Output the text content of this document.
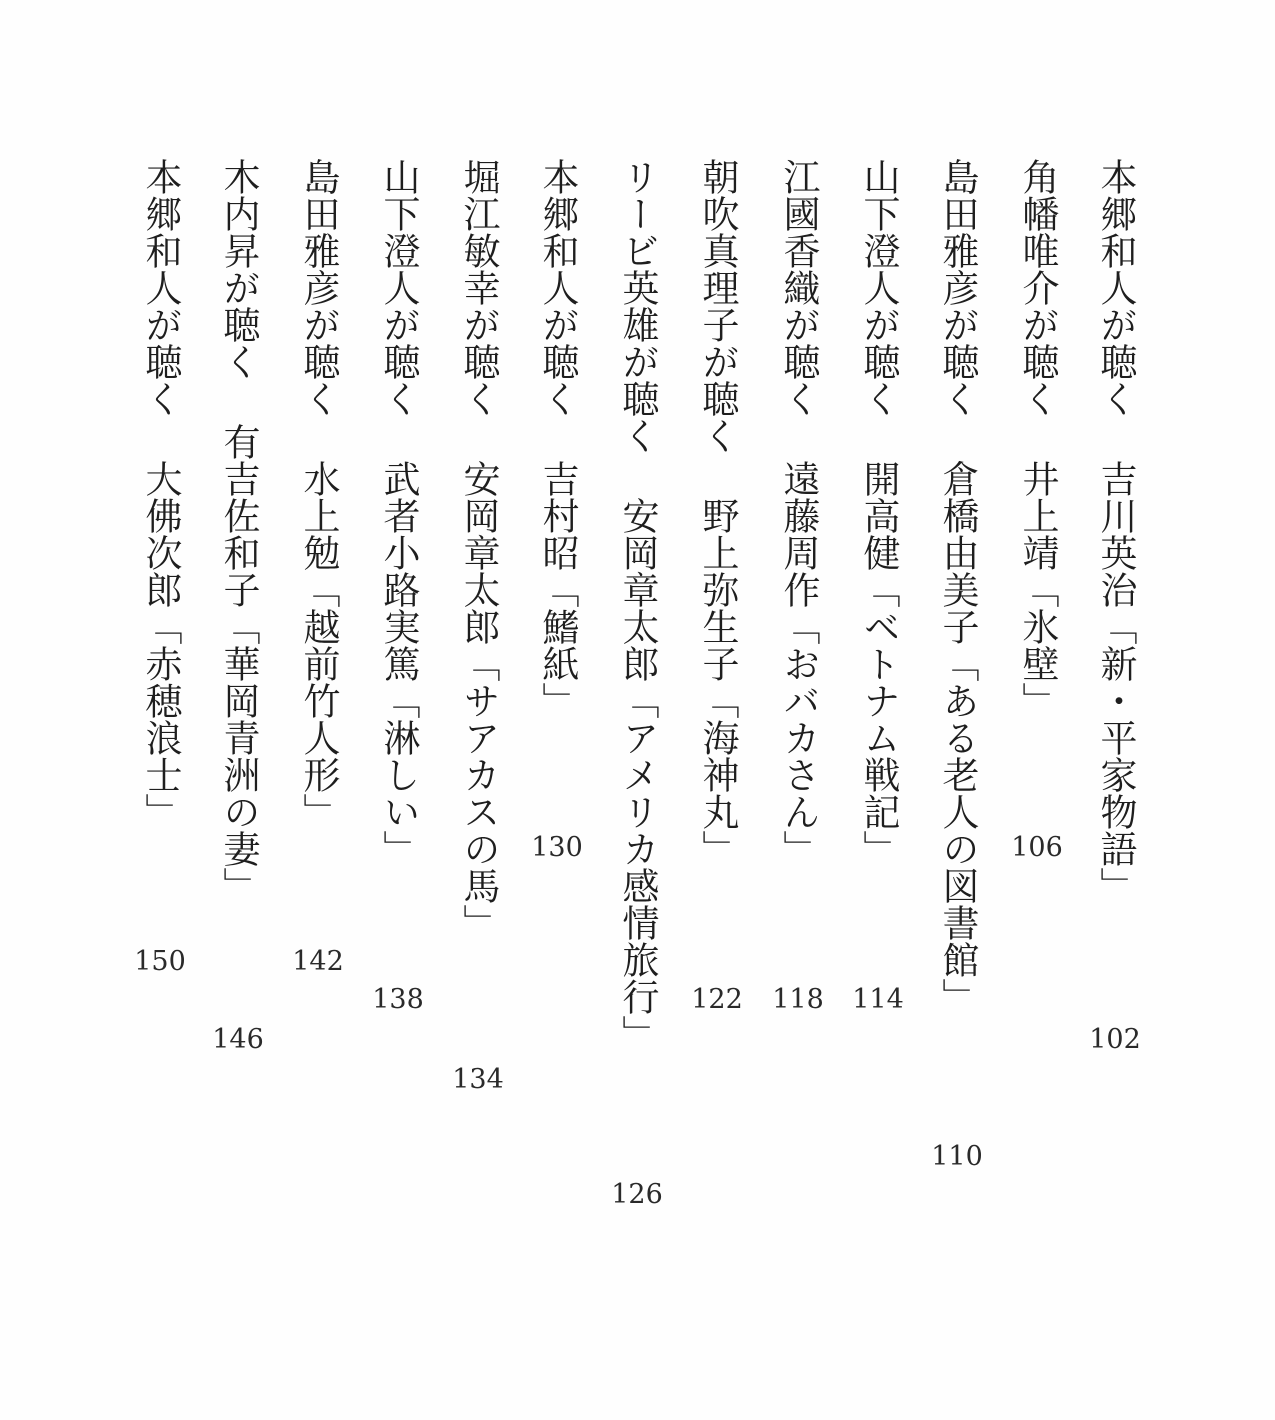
本郷和人が聴く吉川英治「新・平家物語」
102
角幡唯介が聴く井上靖「氷壁」
106
島田雅彦が聴く倉橋由美子「ある老人の図書館」
110
山下澄人が聴く開高健「ベトナム戦記」
114
江國香織が聴く遠藤周作「おバカさん」
118
朝吹真理子が聴く野上弥生子「海神丸」
122
リービ英雄が聴く安岡章太郎「アメリカ感情旅行」
126
本郷和人が聴く吉村昭「鰭紙」
130
堀江敏幸が聴く安岡章太郎「サアカスの馬」
134
山下澄人が聴く武者小路実篤「淋しい」
138
島田雅彦が聴く水上勉「越前竹人形」
142
木内昇が聴く有吉佐和子「華岡青洲の妻」
146
本郷和人が聴く大佛次郎「赤穂浪士」
150
